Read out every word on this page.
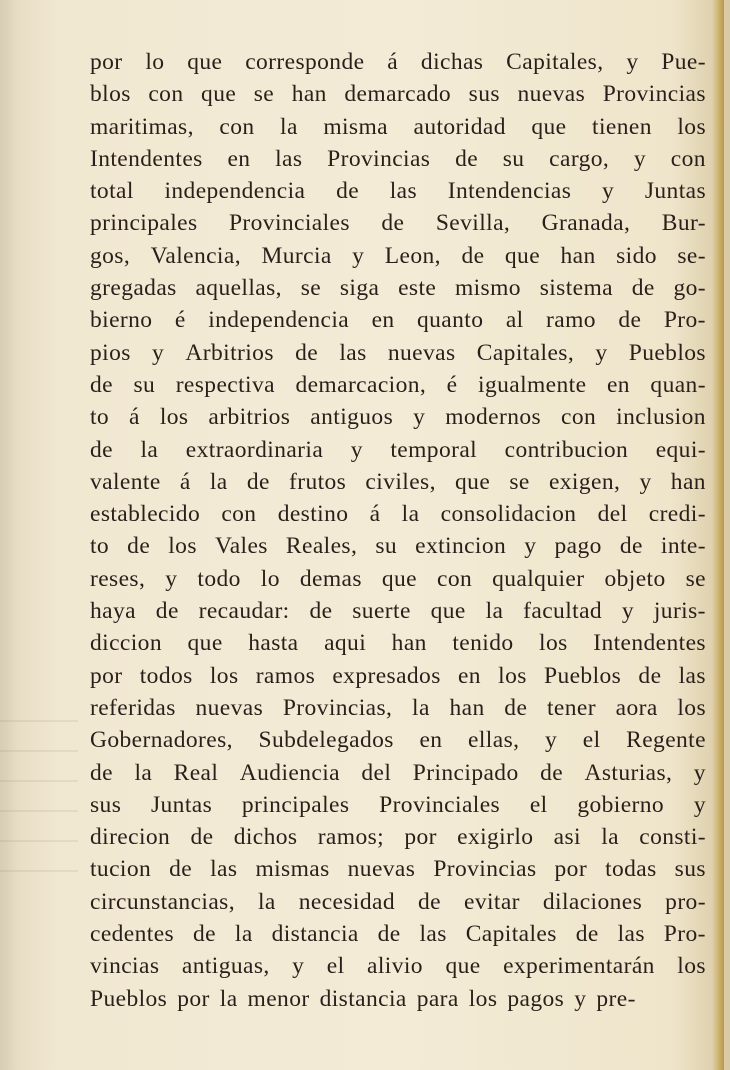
por lo que corresponde á dichas Capitales, y Pue-
blos con que se han demarcado sus nuevas Provincias
maritimas, con la misma autoridad que tienen los
Intendentes en las Provincias de su cargo, y con
total independencia de las Intendencias y Juntas
principales Provinciales de Sevilla, Granada, Bur-
gos, Valencia, Murcia y Leon, de que han sido se-
gregadas aquellas, se siga este mismo sistema de go-
bierno é independencia en quanto al ramo de Pro-
pios y Arbitrios de las nuevas Capitales, y Pueblos
de su respectiva demarcacion, é igualmente en quan-
to á los arbitrios antiguos y modernos con inclusion
de la extraordinaria y temporal contribucion equi-
valente á la de frutos civiles, que se exigen, y han
establecido con destino á la consolidacion del credi-
to de los Vales Reales, su extincion y pago de inte-
reses, y todo lo demas que con qualquier objeto se
haya de recaudar: de suerte que la facultad y juris-
diccion que hasta aqui han tenido los Intendentes
por todos los ramos expresados en los Pueblos de las
referidas nuevas Provincias, la han de tener aora los
Gobernadores, Subdelegados en ellas, y el Regente
de la Real Audiencia del Principado de Asturias, y
sus Juntas principales Provinciales el gobierno y
direcion de dichos ramos; por exigirlo asi la consti-
tucion de las mismas nuevas Provincias por todas sus
circunstancias, la necesidad de evitar dilaciones pro-
cedentes de la distancia de las Capitales de las Pro-
vincias antiguas, y el alivio que experimentarán los
Pueblos por la menor distancia para los pagos y pre-
